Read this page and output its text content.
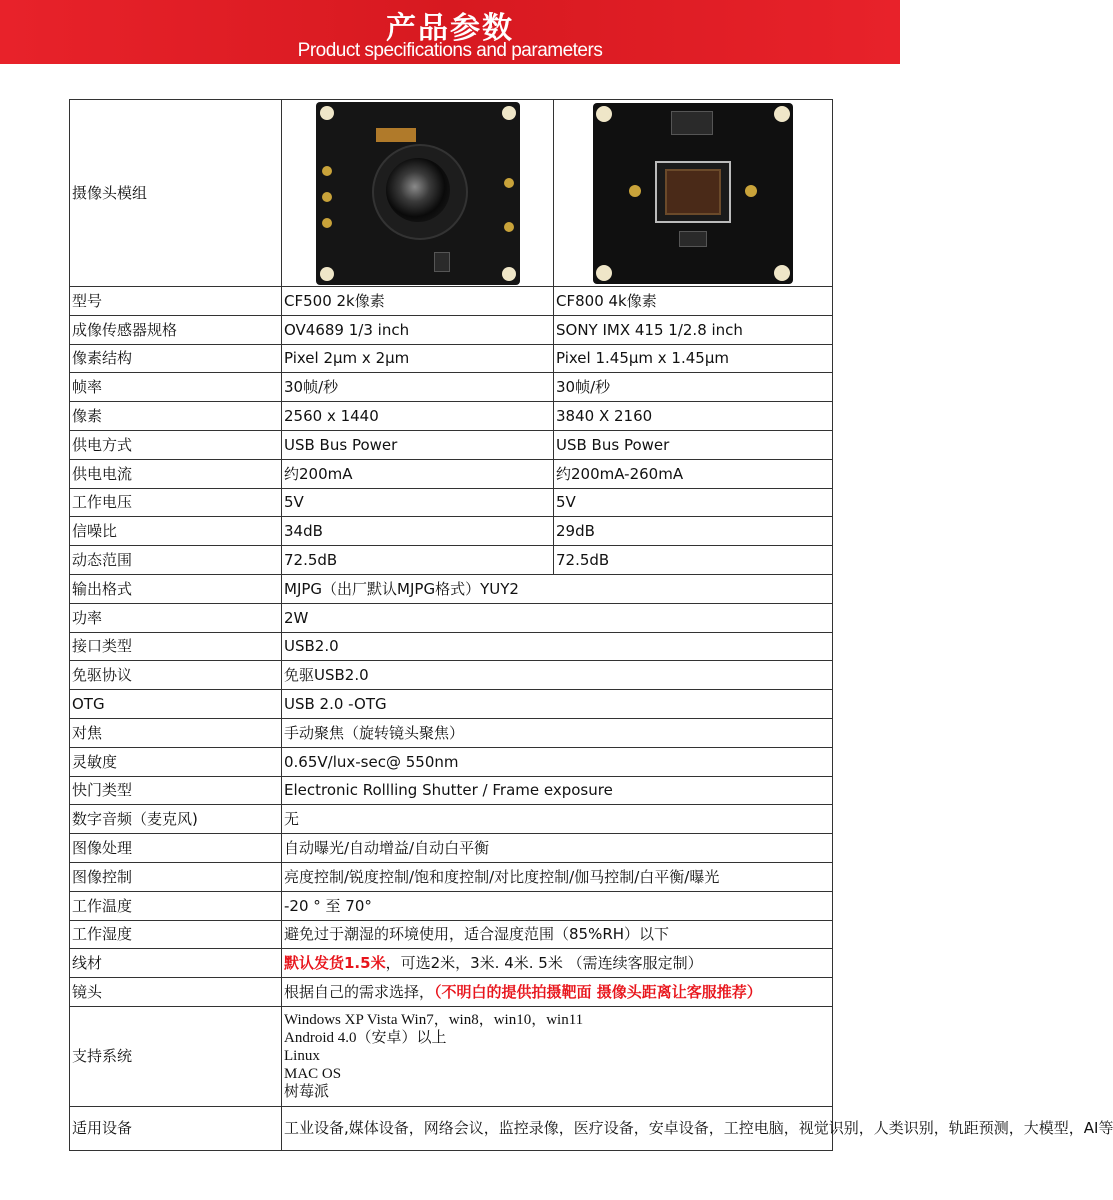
产品参数
Product specifications and parameters
摄像头模组	

型号	CF500 2k像素	CF800 4k像素
成像传感器规格	OV4689 1/3 inch	SONY IMX 415 1/2.8 inch
像素结构	Pixel 2μm x 2μm	Pixel 1.45μm x 1.45μm
帧率	30帧/秒	30帧/秒
像素	2560 x 1440	3840 X 2160
供电方式	USB Bus Power	USB Bus Power
供电电流	约200mA	约200mA-260mA
工作电压	5V	5V
信噪比	34dB	29dB
动态范围	72.5dB	72.5dB
输出格式	MJPG（出厂默认MJPG格式）YUY2	
功率	2W	
接口类型	USB2.0	
免驱协议	免驱USB2.0	
OTG	USB 2.0 -OTG	
对焦	手动聚焦（旋转镜头聚焦）	
灵敏度	0.65V/lux-sec@ 550nm	
快门类型	Electronic Rollling Shutter / Frame exposure	
数字音频（麦克风)	无	
图像处理	自动曝光/自动增益/自动白平衡	
图像控制	亮度控制/锐度控制/饱和度控制/对比度控制/伽马控制/白平衡/曝光	
工作温度	-20 ° 至 70°	
工作湿度	避免过于潮湿的环境使用，适合湿度范围（85%RH）以下	
线材	默认发货1.5米，可选2米，3米. 4米. 5米 （需连续客服定制）	
镜头	根据自己的需求选择，（不明白的提供拍摄靶面 摄像头距离让客服推荐）	
支持系统	Windows XP Vista Win7，win8，win10，win11
Android 4.0（安卓）以上
Linux
MAC OS
树莓派	

适用设备	工业设备,媒体设备，网络会议，监控录像，医疗设备，安卓设备，工控电脑，视觉识别，人类识别，轨距预测，大模型，AI等	
